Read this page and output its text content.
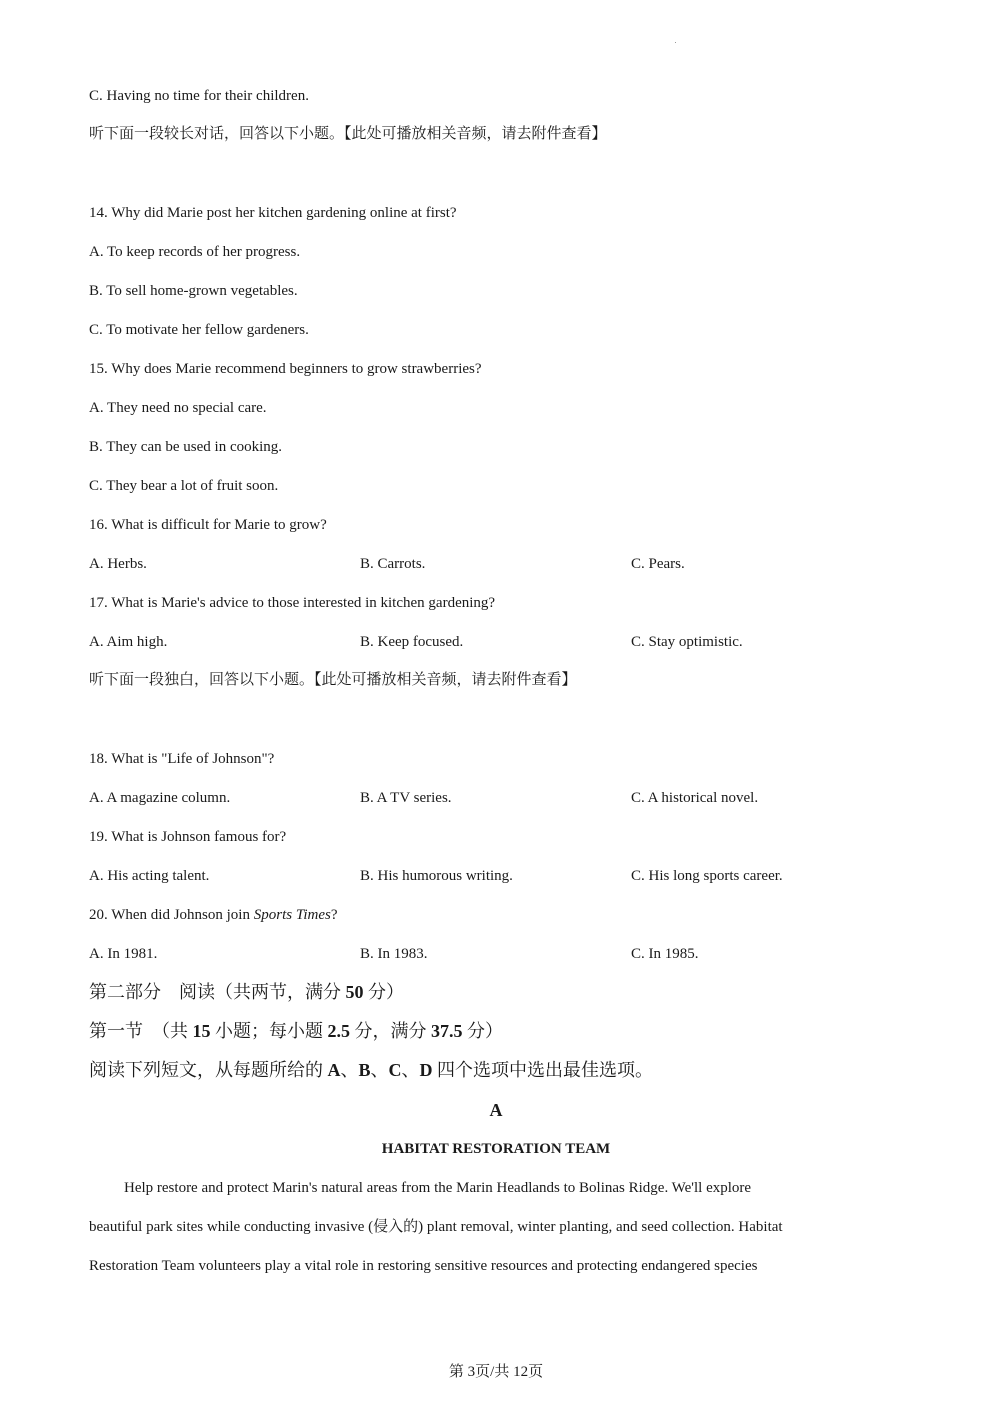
C. Having no time for their children.
听下面一段较长对话，回答以下小题。【此处可播放相关音频，请去附件查看】
14. Why did Marie post her kitchen gardening online at first?
A. To keep records of her progress.
B. To sell home-grown vegetables.
C. To motivate her fellow gardeners.
15. Why does Marie recommend beginners to grow strawberries?
A. They need no special care.
B. They can be used in cooking.
C. They bear a lot of fruit soon.
16. What is difficult for Marie to grow?
A. Herbs.	B. Carrots.	C. Pears.
17. What is Marie's advice to those interested in kitchen gardening?
A. Aim high.	B. Keep focused.	C. Stay optimistic.
听下面一段独白，回答以下小题。【此处可播放相关音频，请去附件查看】
18. What is "Life of Johnson"?
A. A magazine column.	B. A TV series.	C. A historical novel.
19. What is Johnson famous for?
A. His acting talent.	B. His humorous writing.	C. His long sports career.
20. When did Johnson join Sports Times?
A. In 1981.	B. In 1983.	C. In 1985.
第二部分　阅读（共两节，满分 50 分）
第一节　（共 15 小题；每小题 2.5 分，满分 37.5 分）
阅读下列短文，从每题所给的 A、B、C、D 四个选项中选出最佳选项。
A
HABITAT RESTORATION TEAM
Help restore and protect Marin's natural areas from the Marin Headlands to Bolinas Ridge. We'll explore
beautiful park sites while conducting invasive (侵入的) plant removal, winter planting, and seed collection. Habitat
Restoration Team volunteers play a vital role in restoring sensitive resources and protecting endangered species
第 3页/共 12页
